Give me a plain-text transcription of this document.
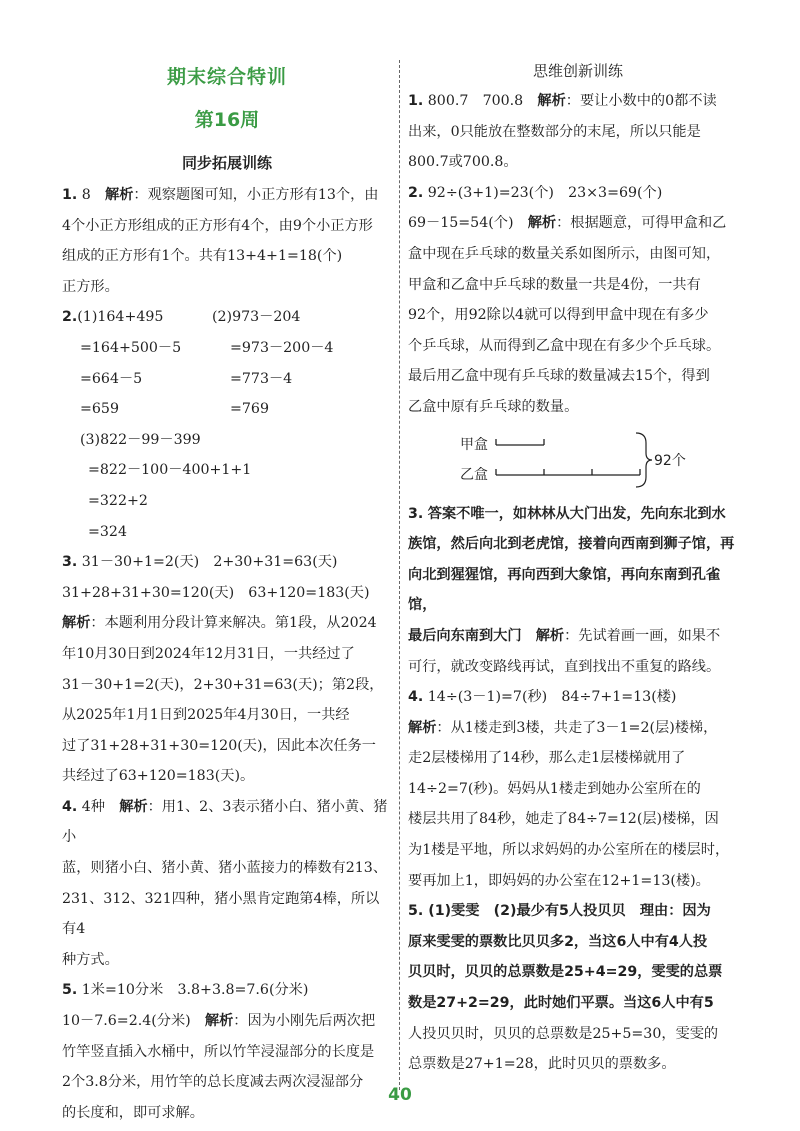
期末综合特训
第16周
同步拓展训练

1. 8　 解析：观察题图可知，小正方形有13个，由

4个小正方形组成的正方形有4个，由9个小正方形

组成的正方形有1个。共有13+4+1=18(个)

正方形。

2.(1)164+495	(2)973－204
=164+500－5	=973－200－4
=664－5	=773－4
=659	=769

(3)822－99－399

=822－100－400+1+1

=322+2

=324

3. 31－30+1=2(天)　2+30+31=63(天)

31+28+31+30=120(天)　63+120=183(天)

解析：本题利用分段计算来解决。第1段，从2024

年10月30日到2024年12月31日，一共经过了

31－30+1=2(天)，2+30+31=63(天)；第2段，

从2025年1月1日到2025年4月30日，一共经

过了31+28+31+30=120(天)，因此本次任务一

共经过了63+120=183(天)。

4. 4种　 解析：用1、2、3表示猪小白、猪小黄、猪小

蓝，则猪小白、猪小黄、猪小蓝接力的棒数有213、

231、312、321四种，猪小黑肯定跑第4棒，所以有4

种方式。

5. 1米=10分米　3.8+3.8=7.6(分米)

10－7.6=2.4(分米)　 解析：因为小刚先后两次把

竹竿竖直插入水桶中，所以竹竿浸湿部分的长度是

2个3.8分米，用竹竿的总长度减去两次浸湿部分

的长度和，即可求解。

思维创新训练

1. 800.7　700.8　 解析：要让小数中的0都不读

出来，0只能放在整数部分的末尾，所以只能是

800.7或700.8。

2. 92÷(3+1)=23(个)　23×3=69(个)

69－15=54(个)　 解析：根据题意，可得甲盒和乙

盒中现在乒乓球的数量关系如图所示，由图可知，

甲盒和乙盒中乒乓球的数量一共是4份，一共有

92个，用92除以4就可以得到甲盒中现在有多少

个乒乓球，从而得到乙盒中现在有多少个乒乓球。

最后用乙盒中现有乒乓球的数量减去15个，得到

乙盒中原有乒乓球的数量。

甲盒
乙盒
92个

3. 答案不唯一，如林林从大门出发，先向东北到水

族馆，然后向北到老虎馆，接着向西南到狮子馆，再

向北到猩猩馆，再向西到大象馆，再向东南到孔雀馆，

最后向东南到大门　 解析：先试着画一画，如果不

可行，就改变路线再试，直到找出不重复的路线。

4. 14÷(3－1)=7(秒)　84÷7+1=13(楼)

解析：从1楼走到3楼，共走了3－1=2(层)楼梯，

走2层楼梯用了14秒，那么走1层楼梯就用了

14÷2=7(秒)。妈妈从1楼走到她办公室所在的

楼层共用了84秒，她走了84÷7=12(层)楼梯，因

为1楼是平地，所以求妈妈的办公室所在的楼层时，

要再加上1，即妈妈的办公室在12+1=13(楼)。

5. (1)雯雯　(2)最少有5人投贝贝　理由：因为

原来雯雯的票数比贝贝多2，当这6人中有4人投

贝贝时，贝贝的总票数是25+4=29，雯雯的总票

数是27+2=29，此时她们平票。当这6人中有5

人投贝贝时，贝贝的总票数是25+5=30，雯雯的

总票数是27+1=28，此时贝贝的票数多。

40
